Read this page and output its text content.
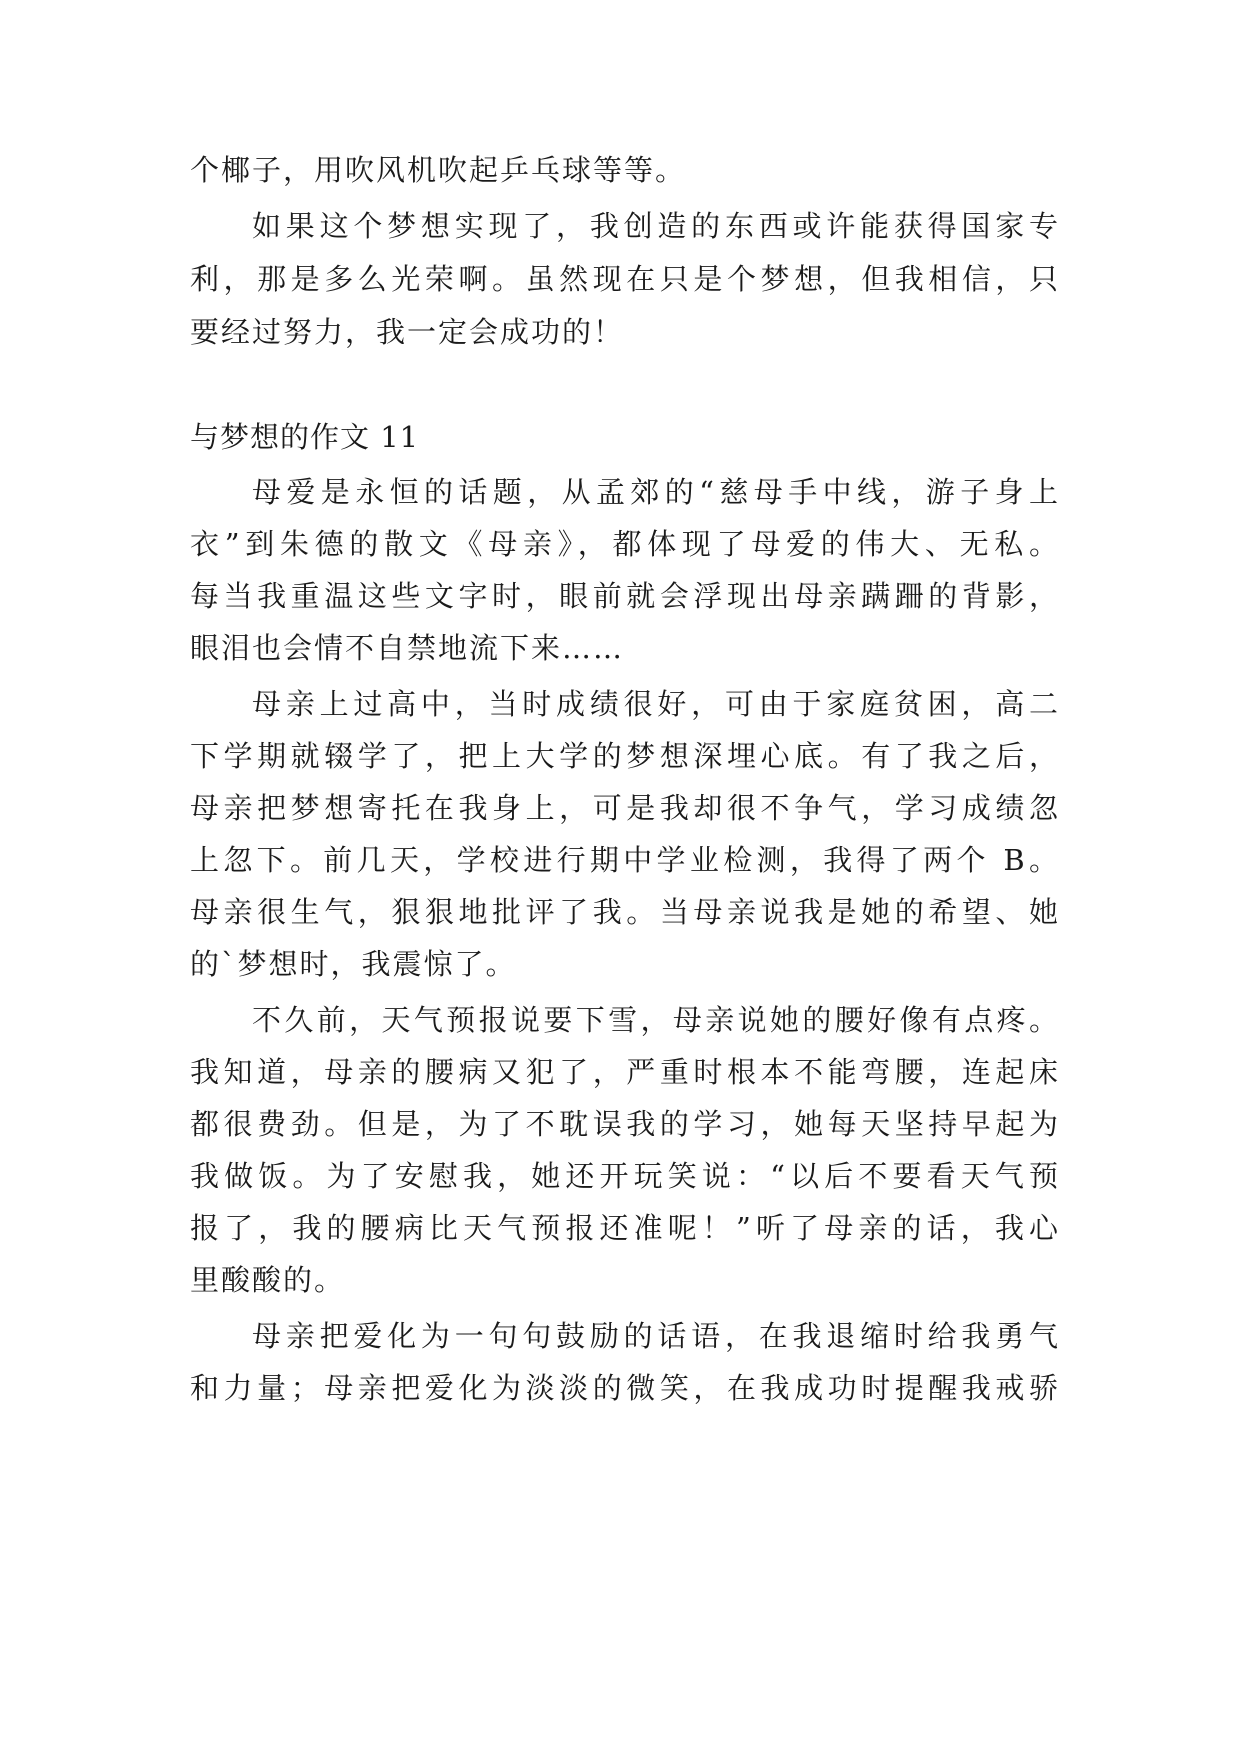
个椰子，用吹风机吹起乒乓球等等。
如果这个梦想实现了，我创造的东西或许能获得国家专
利，那是多么光荣啊。虽然现在只是个梦想，但我相信，只
要经过努力，我一定会成功的！
与梦想的作文 11
母爱是永恒的话题，从孟郊的“慈母手中线，游子身上
衣”到朱德的散文《母亲》，都体现了母爱的伟大、无私。
每当我重温这些文字时，眼前就会浮现出母亲蹒跚的背影，
眼泪也会情不自禁地流下来……
母亲上过高中，当时成绩很好，可由于家庭贫困，高二
下学期就辍学了，把上大学的梦想深埋心底。有了我之后，
母亲把梦想寄托在我身上，可是我却很不争气，学习成绩忽
上忽下。前几天，学校进行期中学业检测，我得了两个 B。
母亲很生气，狠狠地批评了我。当母亲说我是她的希望、她
的`梦想时，我震惊了。
不久前，天气预报说要下雪，母亲说她的腰好像有点疼。
我知道，母亲的腰病又犯了，严重时根本不能弯腰，连起床
都很费劲。但是，为了不耽误我的学习，她每天坚持早起为
我做饭。为了安慰我，她还开玩笑说：“以后不要看天气预
报了，我的腰病比天气预报还准呢！”听了母亲的话，我心
里酸酸的。
母亲把爱化为一句句鼓励的话语，在我退缩时给我勇气
和力量；母亲把爱化为淡淡的微笑，在我成功时提醒我戒骄
